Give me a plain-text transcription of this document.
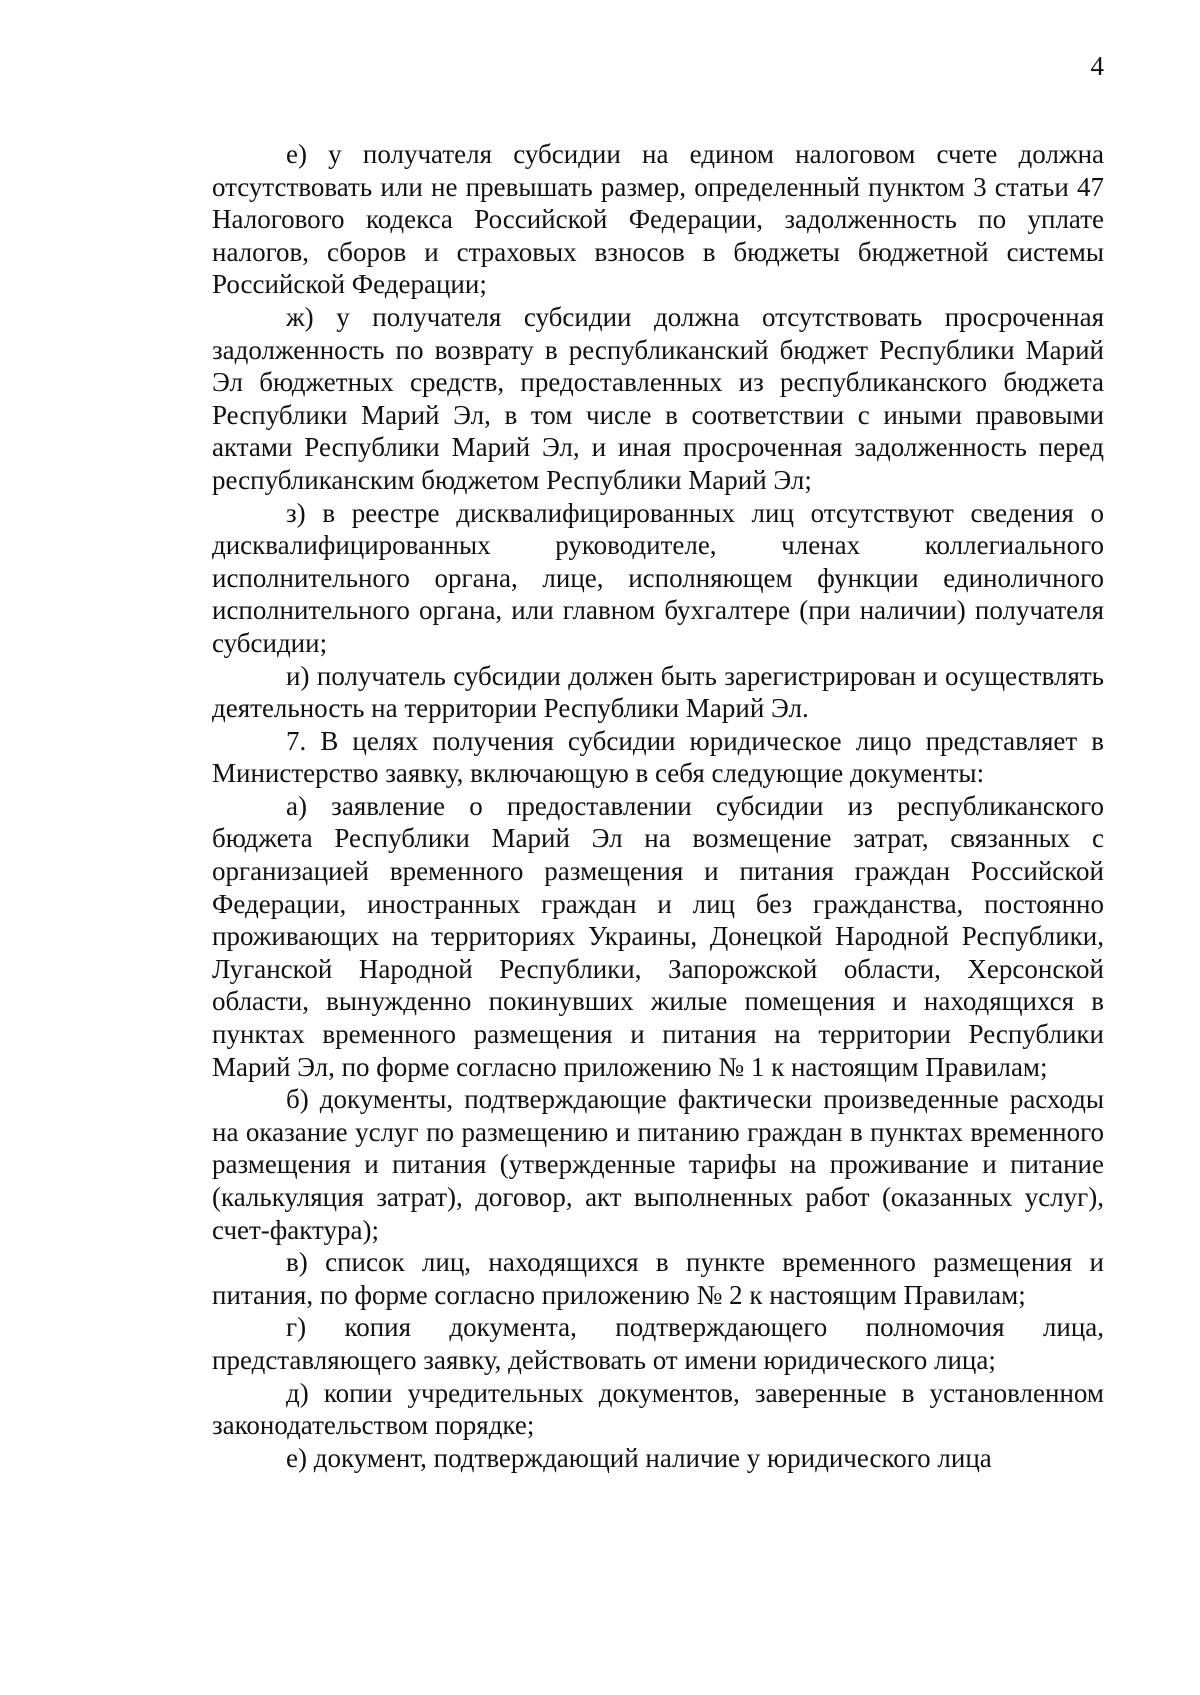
4

е) у получателя субсидии на едином налоговом счете должна отсутствовать или не превышать размер, определенный пунктом 3 статьи 47 Налогового кодекса Российской Федерации, задолженность по уплате налогов, сборов и страховых взносов в бюджеты бюджетной системы Российской Федерации;

ж) у получателя субсидии должна отсутствовать просроченная задолженность по возврату в республиканский бюджет Республики Марий Эл бюджетных средств, предоставленных из республиканского бюджета Республики Марий Эл, в том числе в соответствии с иными правовыми актами Республики Марий Эл, и иная просроченная задолженность перед республиканским бюджетом Республики Марий Эл;

з) в реестре дисквалифицированных лиц отсутствуют сведения о дисквалифицированных руководителе, членах коллегиального исполнительного органа, лице, исполняющем функции единоличного исполнительного органа, или главном бухгалтере (при наличии) получателя субсидии;

и) получатель субсидии должен быть зарегистрирован и осуществлять деятельность на территории Республики Марий Эл.

7. В целях получения субсидии юридическое лицо представляет в Министерство заявку, включающую в себя следующие документы:

а) заявление о предоставлении субсидии из республиканского бюджета Республики Марий Эл на возмещение затрат, связанных с организацией временного размещения и питания граждан Российской Федерации, иностранных граждан и лиц без гражданства, постоянно проживающих на территориях Украины, Донецкой Народной Республики, Луганской Народной Республики, Запорожской области, Херсонской области, вынужденно покинувших жилые помещения и находящихся в пунктах временного размещения и питания на территории Республики Марий Эл, по форме согласно приложению № 1 к настоящим Правилам;

б) документы, подтверждающие фактически произведенные расходы на оказание услуг по размещению и питанию граждан в пунктах временного размещения и питания (утвержденные тарифы на проживание и питание (калькуляция затрат), договор, акт выполненных работ (оказанных услуг), счет-фактура);

в) список лиц, находящихся в пункте временного размещения и питания, по форме согласно приложению № 2 к настоящим Правилам;

г) копия документа, подтверждающего полномочия лица, представляющего заявку, действовать от имени юридического лица;

д) копии учредительных документов, заверенные в установленном законодательством порядке;

е) документ, подтверждающий наличие у юридического лица
